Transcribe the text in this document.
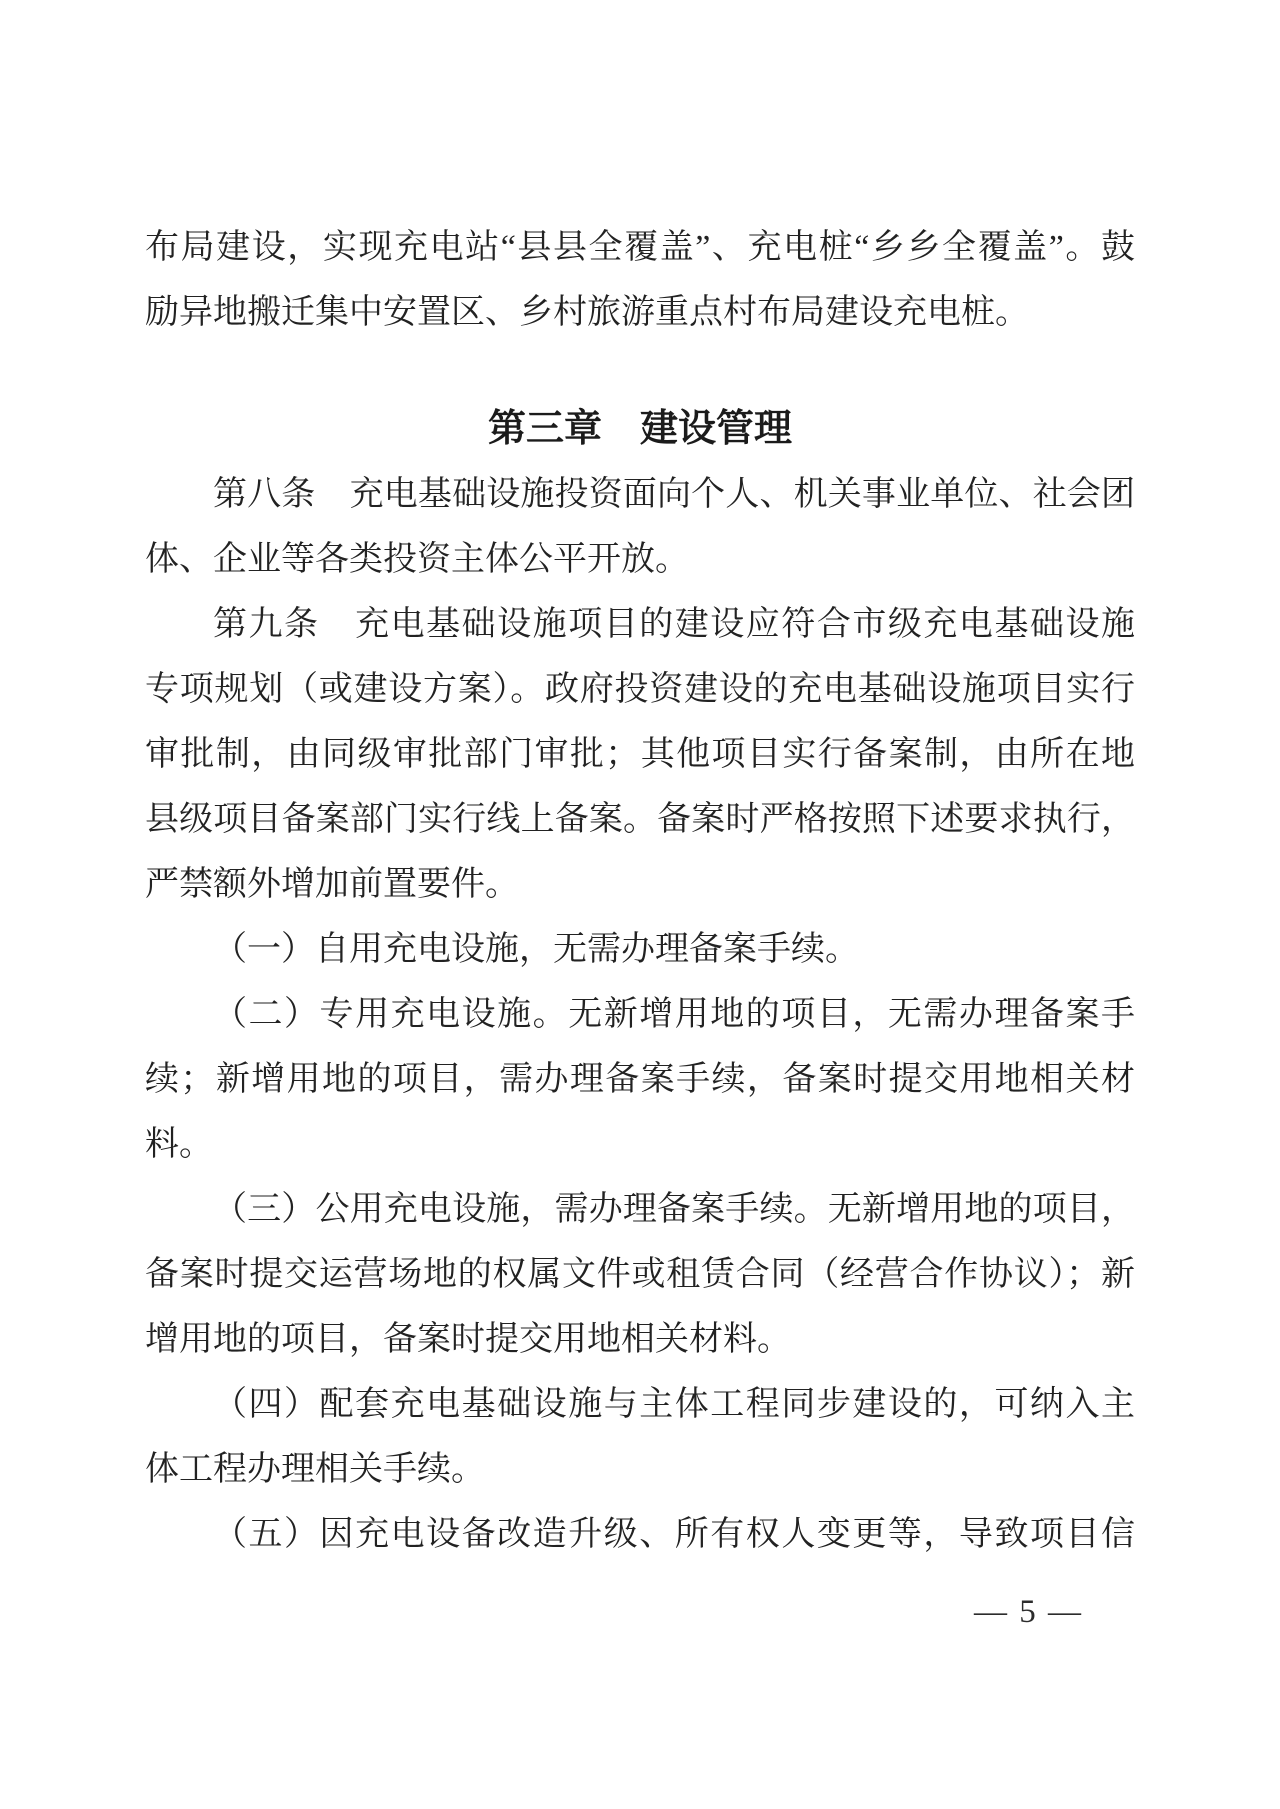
布局建设，实现充电站“县县全覆盖”、充电桩“乡乡全覆盖”。鼓

励异地搬迁集中安置区、乡村旅游重点村布局建设充电桩。

第三章　建设管理

第八条　充电基础设施投资面向个人、机关事业单位、社会团

体、企业等各类投资主体公平开放。

第九条　充电基础设施项目的建设应符合市级充电基础设施

专项规划（或建设方案）。政府投资建设的充电基础设施项目实行

审批制，由同级审批部门审批；其他项目实行备案制，由所在地

县级项目备案部门实行线上备案。备案时严格按照下述要求执行，

严禁额外增加前置要件。

（一）自用充电设施，无需办理备案手续。

（二）专用充电设施。无新增用地的项目，无需办理备案手

续；新增用地的项目，需办理备案手续，备案时提交用地相关材

料。

（三）公用充电设施，需办理备案手续。无新增用地的项目，

备案时提交运营场地的权属文件或租赁合同（经营合作协议）；新

增用地的项目，备案时提交用地相关材料。

（四）配套充电基础设施与主体工程同步建设的，可纳入主

体工程办理相关手续。

（五）因充电设备改造升级、所有权人变更等，导致项目信

— 5 —
